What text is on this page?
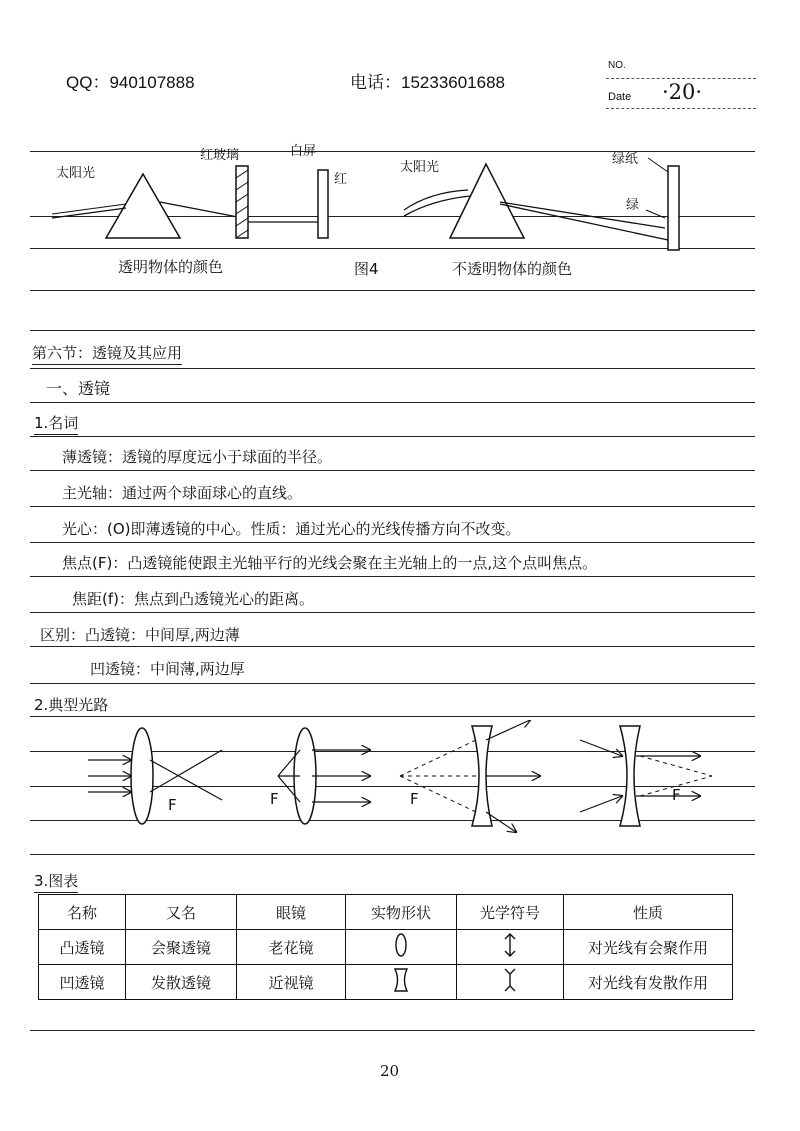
QQ：940107888	电话：15233601688
NO.
Date ·20·
太阳光
红玻璃	白屏
红
太阳光
绿纸
绿
透明物体的颜色	图4	不透明物体的颜色
第六节：透镜及其应用
一、透镜
1.名词
薄透镜：透镜的厚度远小于球面的半径。
主光轴：通过两个球面球心的直线。
光心：(O)即薄透镜的中心。性质：通过光心的光线传播方向不改变。
焦点(F)：凸透镜能使跟主光轴平行的光线会聚在主光轴上的一点,这个点叫焦点。
焦距(f)：焦点到凸透镜光心的距离。
区别：凸透镜：中间厚,两边薄
凹透镜：中间薄,两边厚
2.典型光路
F	F	F	F
3.图表
名称	又名	眼镜	实物形状	光学符号	性质
凸透镜	会聚透镜	老花镜			对光线有会聚作用
凹透镜	发散透镜	近视镜			对光线有发散作用
20
